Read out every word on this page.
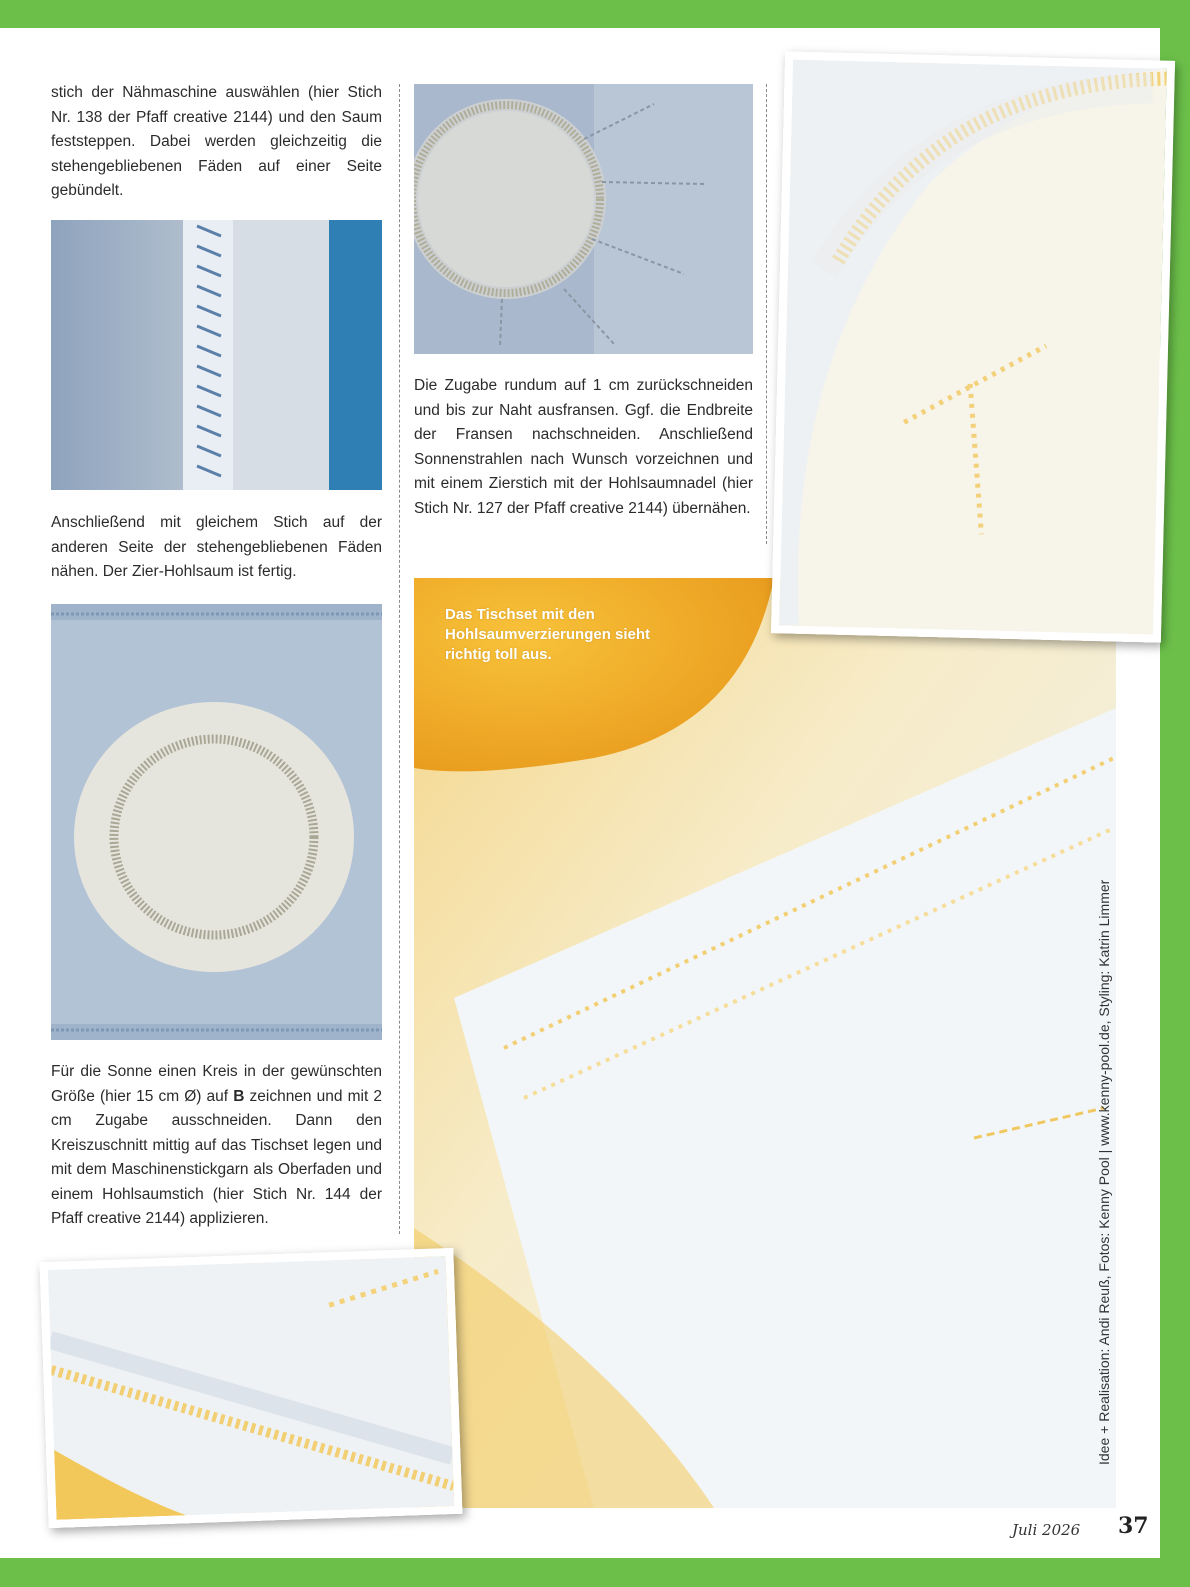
stich der Nähmaschine auswählen (hier Stich Nr. 138 der Pfaff creative 2144) und den Saum feststeppen. Dabei werden gleichzeitig die stehengebliebenen Fäden auf einer Seite gebündelt.

Anschließend mit gleichem Stich auf der anderen Seite der stehengebliebenen Fäden nähen. Der Zier-Hohlsaum ist fertig.

Für die Sonne einen Kreis in der gewünschten Größe (hier 15 cm Ø) auf B zeichnen und mit 2 cm Zugabe ausschneiden. Dann den Kreiszuschnitt mittig auf das Tischset legen und mit dem Maschinenstickgarn als Oberfaden und einem Hohlsaumstich (hier Stich Nr. 144 der Pfaff creative 2144) applizieren.

Die Zugabe rundum auf 1 cm zurückschneiden und bis zur Naht ausfransen. Ggf. die Endbreite der Fransen nachschneiden. Anschließend Sonnenstrahlen nach Wunsch vorzeichnen und mit einem Zierstich mit der Hohlsaumnadel (hier Stich Nr. 127 der Pfaff creative 2144) übernähen.

Das Tischset mit den Hohlsaumverzierungen sieht richtig toll aus.
Idee + Realisation: Andi Reuß, Fotos: Kenny Pool | www.kenny-pool.de, Styling: Katrin Limmer
Juli 2026 37
